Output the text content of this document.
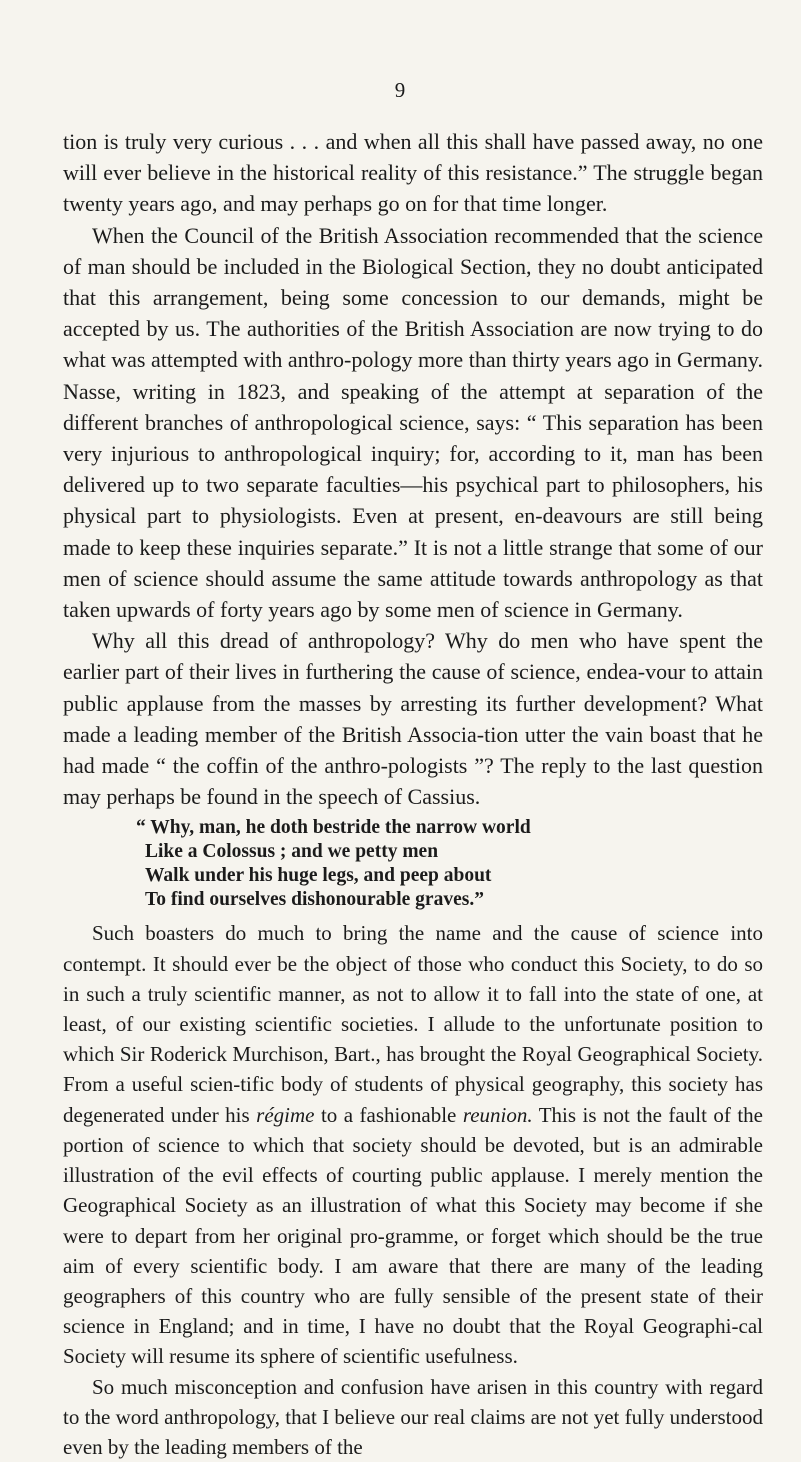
9

tion is truly very curious . . . and when all this shall have passed away, no one will ever believe in the historical reality of this resistance.” The struggle began twenty years ago, and may perhaps go on for that time longer.

When the Council of the British Association recommended that the science of man should be included in the Biological Section, they no doubt anticipated that this arrangement, being some concession to our demands, might be accepted by us. The authorities of the British Association are now trying to do what was attempted with anthro-pology more than thirty years ago in Germany. Nasse, writing in 1823, and speaking of the attempt at separation of the different branches of anthropological science, says: “ This separation has been very injurious to anthropological inquiry; for, according to it, man has been delivered up to two separate faculties—his psychical part to philosophers, his physical part to physiologists. Even at present, en-deavours are still being made to keep these inquiries separate.” It is not a little strange that some of our men of science should assume the same attitude towards anthropology as that taken upwards of forty years ago by some men of science in Germany.

Why all this dread of anthropology? Why do men who have spent the earlier part of their lives in furthering the cause of science, endea-vour to attain public applause from the masses by arresting its further development? What made a leading member of the British Associa-tion utter the vain boast that he had made “ the coffin of the anthro-pologists ”? The reply to the last question may perhaps be found in the speech of Cassius.

“ Why, man, he doth bestride the narrow world
Like a Colossus ; and we petty men
Walk under his huge legs, and peep about
To find ourselves dishonourable graves.”

Such boasters do much to bring the name and the cause of science into contempt. It should ever be the object of those who conduct this Society, to do so in such a truly scientific manner, as not to allow it to fall into the state of one, at least, of our existing scientific societies. I allude to the unfortunate position to which Sir Roderick Murchison, Bart., has brought the Royal Geographical Society. From a useful scien-tific body of students of physical geography, this society has degenerated under his régime to a fashionable reunion. This is not the fault of the portion of science to which that society should be devoted, but is an admirable illustration of the evil effects of courting public applause. I merely mention the Geographical Society as an illustration of what this Society may become if she were to depart from her original pro-gramme, or forget which should be the true aim of every scientific body. I am aware that there are many of the leading geographers of this country who are fully sensible of the present state of their science in England; and in time, I have no doubt that the Royal Geographi-cal Society will resume its sphere of scientific usefulness.

So much misconception and confusion have arisen in this country with regard to the word anthropology, that I believe our real claims are not yet fully understood even by the leading members of the
